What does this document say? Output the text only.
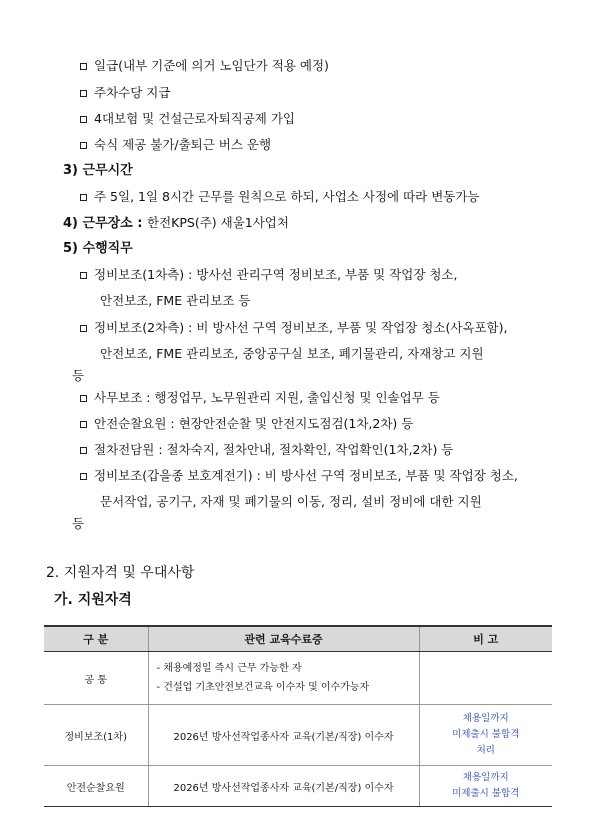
일급(내부 기준에 의거 노임단가 적용 예정)
주차수당 지급
4대보험 및 건설근로자퇴직공제 가입
숙식 제공 불가/출퇴근 버스 운행
3) 근무시간
주 5일, 1일 8시간 근무를 원칙으로 하되, 사업소 사정에 따라 변동가능
4) 근무장소 : 한전KPS(주) 새울1사업처
5) 수행직무
정비보조(1차측) : 방사선 관리구역 정비보조, 부품 및 작업장 청소,
안전보조, FME 관리보조 등
정비보조(2차측) : 비 방사선 구역 정비보조, 부품 및 작업장 청소(사옥포함),
안전보조, FME 관리보조, 중앙공구실 보조, 폐기물관리, 자재창고 지원
등
사무보조 : 행정업무, 노무원관리 지원, 출입신청 및 인솔업무 등
안전순찰요원 : 현장안전순찰 및 안전지도점검(1차,2차) 등
절차전담원 : 절차숙지, 절차안내, 절차확인, 작업확인(1차,2차) 등
정비보조(갑을종 보호계전기) : 비 방사선 구역 정비보조, 부품 및 작업장 청소,
문서작업, 공기구, 자재 및 폐기물의 이동, 정리, 설비 정비에 대한 지원
등
2. 지원자격 및 우대사항
가. 지원자격
구 분	관련 교육수료증	비 고
공 통	- 채용예정일 즉시 근무 가능한 자
- 건설업 기초안전보건교육 이수자 및 이수가능자	

정비보조(1차)	2026년 방사선작업종사자 교육(기본/직장) 이수자	채용일까지
미제출시 불합격
처리

안전순찰요원	2026년 방사선작업종사자 교육(기본/직장) 이수자	채용일까지
미제출시 불합격
